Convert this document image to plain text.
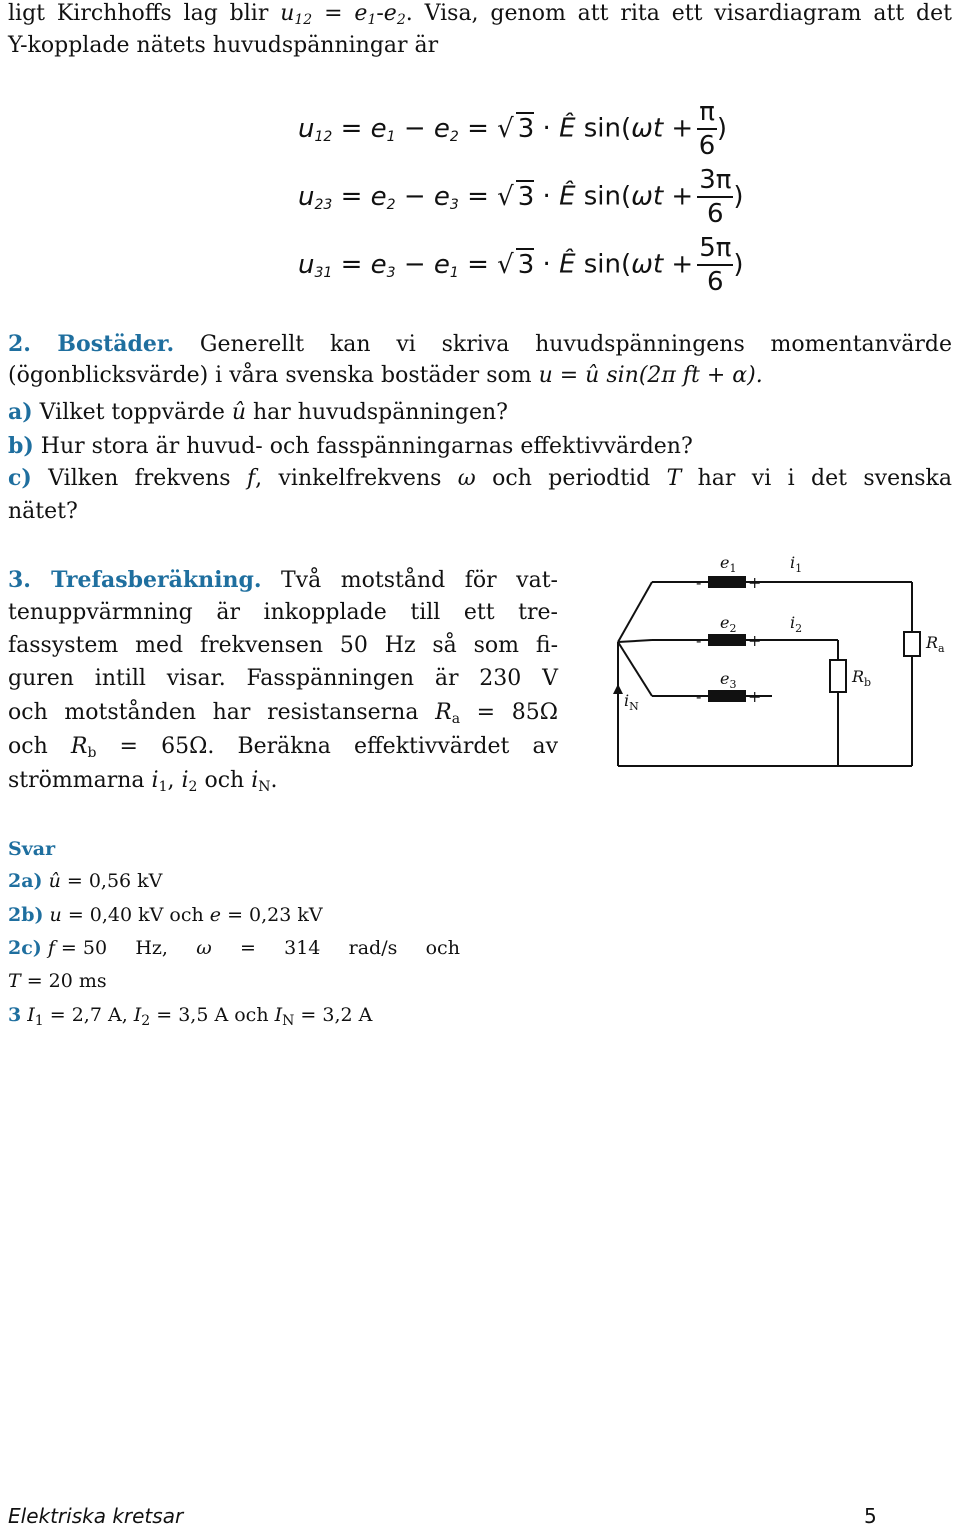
ligt Kirchhoffs lag blir $u_{12} = e_1-e_2$. Visa, genom att rita ett visardiagram att det
Y-kopplade nätets huvudspänningar är
$u_{12} = e_1 - e_2$ = √ 3 · Ê $\sin(\omega t + \frac{\pi}{6}$ )
$u_{23} = e_2 - e_3$ = √ 3 · Ê $\sin(\omega t + \frac{3\pi}{6}$ )
$u_{31} = e_3 - e_1$ = √ 3 · Ê $\sin(\omega t + \frac{5\pi}{6}$ )
2. Bostäder. Generellt kan vi skriva huvudspänningens momentanvärde
(ögonblicksvärde) i våra svenska bostäder som u = û sin(2π ft + α).
a) Vilket toppvärde û har huvudspänningen?
b) Hur stora är huvud- och fasspänningarnas effektivvärden?
c) Vilken frekvens f, vinkelfrekvens ω och periodtid T har vi i det svenska
nätet?
3. Trefasberäkning. Två motstånd för vat-
tenuppvärmning är inkopplade till ett tre-
fassystem med frekvensen 50 Hz så som fi-
guren intill visar. Fasspänningen är 230 V
och motstånden har resistanserna $R_a = 85\Omega$
och $R_b = 65\Omega$. Beräkna effektivvärdet av
strömmarna $i_1$, $i_2$ och $i_N$.
-	+
-	+
-	+
$e_1$
$e_2$
$e_3$
$i_1$
$i_2$
$i_N$
$R_a$
$R_b$
Svar
2a) û = 0,56 kV
2b) u = 0,40 kV och e = 0,23 kV
2c) f = 50 Hz, ω = 314 rad/s och
T = 20 ms
3 $I_1 = 2,7$ A, $I_2 = 3,5$ A och $I_N = 3,2$ A
Elektriska kretsar	5
